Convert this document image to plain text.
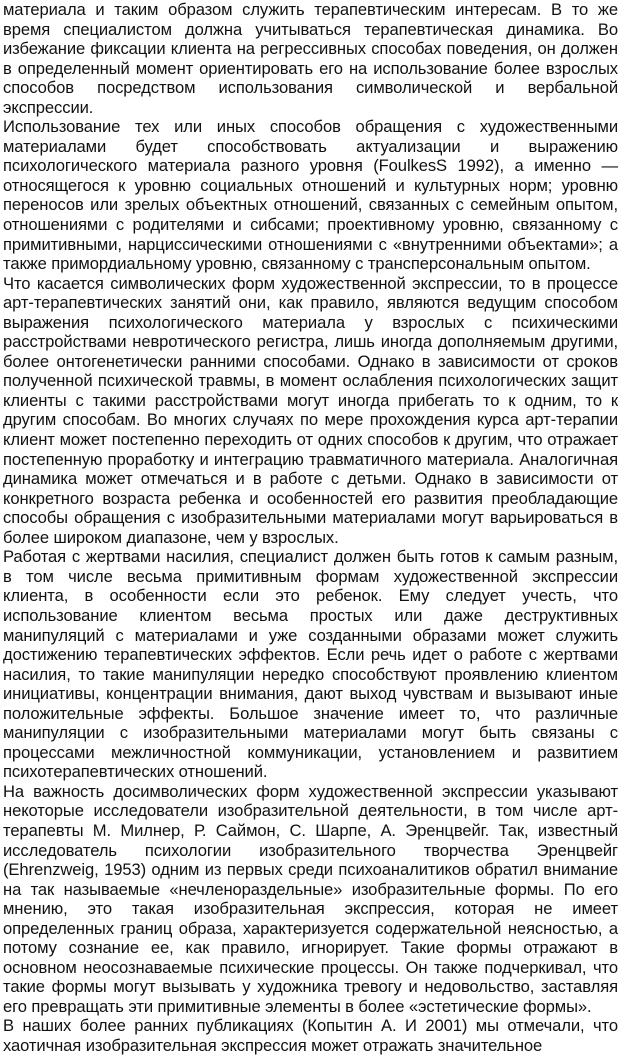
материала и таким образом служить терапевтическим интересам. В то же время специалистом должна учитываться терапевтическая динамика. Во избежание фиксации клиента на регрессивных способах поведения, он должен в определенный момент ориентировать его на использование более взрослых способов посредством использования символической и вербальной экспрессии.

Использование тех или иных способов обращения с художественными материалами будет способствовать актуализации и выражению психологического материала разного уровня (FoulkesS 1992), а именно — относящегося к уровню социальных отношений и культурных норм; уровню переносов или зрелых объектных отношений, связанных с семейным опытом, отношениями с родителями и сибсами; проективному уровню, связанному с примитивными, нарциссическими отношениями с «внутренними объектами»; а также примордиальному уровню, связанному с трансперсональным опытом.

Что касается символических форм художественной экспрессии, то в процессе арт-терапевтических занятий они, как правило, являются ведущим способом выражения психологического материала у взрослых с психическими расстройствами невротического регистра, лишь иногда дополняемым другими, более онтогенетически ранними способами. Однако в зависимости от сроков полученной психической травмы, в момент ослабления психологических защит клиенты с такими расстройствами могут иногда прибегать то к одним, то к другим способам. Во многих случаях по мере прохождения курса арт-терапии клиент может постепенно переходить от одних способов к другим, что отражает постепенную проработку и интеграцию травматичного материала. Аналогичная динамика может отмечаться и в работе с детьми. Однако в зависимости от конкретного возраста ребенка и особенностей его развития преобладающие способы обращения с изобразительными материалами могут варьироваться в более широком диапазоне, чем у взрослых.

Работая с жертвами насилия, специалист должен быть готов к самым разным, в том числе весьма примитивным формам художественной экспрессии клиента, в особенности если это ребенок. Ему следует учесть, что использование клиентом весьма простых или даже деструктивных манипуляций с материалами и уже созданными образами может служить достижению терапевтических эффектов. Если речь идет о работе с жертвами насилия, то такие манипуляции нередко способствуют проявлению клиентом инициативы, концентрации внимания, дают выход чувствам и вызывают иные положительные эффекты. Большое значение имеет то, что различные манипуляции с изобразительными материалами могут быть связаны с процессами межличностной коммуникации, установлением и развитием психотерапевтических отношений.

На важность досимволических форм художественной экспрессии указывают некоторые исследователи изобразительной деятельности, в том числе арт-терапевты М. Милнер, Р. Саймон, С. Шарпе, А. Эренцвейг. Так, известный исследователь психологии изобразительного творчества Эренцвейг (Ehrenzweig, 1953) одним из первых среди психоаналитиков обратил внимание на так называемые «нечленораздельные» изобразительные формы. По его мнению, это такая изобразительная экспрессия, которая не имеет определенных границ образа, характеризуется содержательной неясностью, а потому сознание ее, как правило, игнорирует. Такие формы отражают в основном неосознаваемые психические процессы. Он также подчеркивал, что такие формы могут вызывать у художника тревогу и недовольство, заставляя его превращать эти примитивные элементы в более «эстетические формы».

В наших более ранних публикациях (Копытин А. И 2001) мы отмечали, что хаотичная изобразительная экспрессия может отражать значительное
